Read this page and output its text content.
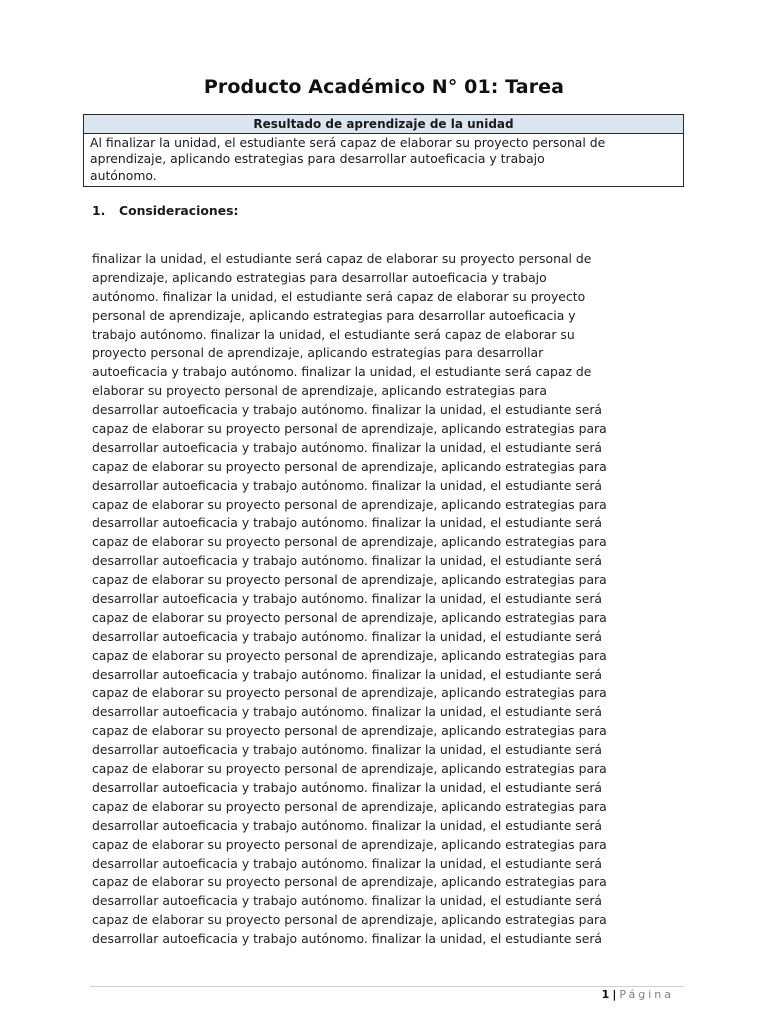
Producto Académico N° 01: Tarea
Resultado de aprendizaje de la unidad
Al finalizar la unidad, el estudiante será capaz de elaborar su proyecto personal de
aprendizaje, aplicando estrategias para desarrollar autoeficacia y trabajo
autónomo.
1. Consideraciones:
finalizar la unidad, el estudiante será capaz de elaborar su proyecto personal de
aprendizaje, aplicando estrategias para desarrollar autoeficacia y trabajo
autónomo. finalizar la unidad, el estudiante será capaz de elaborar su proyecto
personal de aprendizaje, aplicando estrategias para desarrollar autoeficacia y
trabajo autónomo. finalizar la unidad, el estudiante será capaz de elaborar su
proyecto personal de aprendizaje, aplicando estrategias para desarrollar
autoeficacia y trabajo autónomo. finalizar la unidad, el estudiante será capaz de
elaborar su proyecto personal de aprendizaje, aplicando estrategias para
desarrollar autoeficacia y trabajo autónomo. finalizar la unidad, el estudiante será
capaz de elaborar su proyecto personal de aprendizaje, aplicando estrategias para
desarrollar autoeficacia y trabajo autónomo. finalizar la unidad, el estudiante será
capaz de elaborar su proyecto personal de aprendizaje, aplicando estrategias para
desarrollar autoeficacia y trabajo autónomo. finalizar la unidad, el estudiante será
capaz de elaborar su proyecto personal de aprendizaje, aplicando estrategias para
desarrollar autoeficacia y trabajo autónomo. finalizar la unidad, el estudiante será
capaz de elaborar su proyecto personal de aprendizaje, aplicando estrategias para
desarrollar autoeficacia y trabajo autónomo. finalizar la unidad, el estudiante será
capaz de elaborar su proyecto personal de aprendizaje, aplicando estrategias para
desarrollar autoeficacia y trabajo autónomo. finalizar la unidad, el estudiante será
capaz de elaborar su proyecto personal de aprendizaje, aplicando estrategias para
desarrollar autoeficacia y trabajo autónomo. finalizar la unidad, el estudiante será
capaz de elaborar su proyecto personal de aprendizaje, aplicando estrategias para
desarrollar autoeficacia y trabajo autónomo. finalizar la unidad, el estudiante será
capaz de elaborar su proyecto personal de aprendizaje, aplicando estrategias para
desarrollar autoeficacia y trabajo autónomo. finalizar la unidad, el estudiante será
capaz de elaborar su proyecto personal de aprendizaje, aplicando estrategias para
desarrollar autoeficacia y trabajo autónomo. finalizar la unidad, el estudiante será
capaz de elaborar su proyecto personal de aprendizaje, aplicando estrategias para
desarrollar autoeficacia y trabajo autónomo. finalizar la unidad, el estudiante será
capaz de elaborar su proyecto personal de aprendizaje, aplicando estrategias para
desarrollar autoeficacia y trabajo autónomo. finalizar la unidad, el estudiante será
capaz de elaborar su proyecto personal de aprendizaje, aplicando estrategias para
desarrollar autoeficacia y trabajo autónomo. finalizar la unidad, el estudiante será
capaz de elaborar su proyecto personal de aprendizaje, aplicando estrategias para
desarrollar autoeficacia y trabajo autónomo. finalizar la unidad, el estudiante será
capaz de elaborar su proyecto personal de aprendizaje, aplicando estrategias para
desarrollar autoeficacia y trabajo autónomo. finalizar la unidad, el estudiante será
1 | Página
